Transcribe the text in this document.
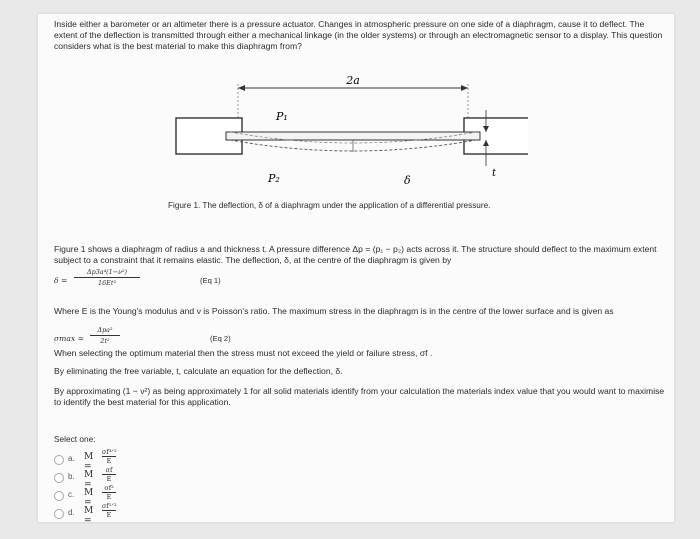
Inside either a barometer or an altimeter there is a pressure actuator. Changes in atmospheric pressure on one side of a diaphragm, cause it to deflect. The extent of the deflection is transmitted through either a mechanical linkage (in the older systems) or through an electromagnetic sensor to a display. This question considers what is the best material to make this diaphragm from?
2a
P₁
P₂	δ
t
Figure 1. The deflection, δ of a diaphragm under the application of a differential pressure.
Figure 1 shows a diaphragm of radius a and thickness t. A pressure difference Δp = (p₁ − p₂) acts across it. The structure should deflect to the maximum extent subject to a constraint that it remains elastic. The deflection, δ, at the centre of the diaphragm is given by
δ =
Δp3a⁴(1−ν²)
16Et³	(Eq 1)
Where E is the Young's modulus and ν is Poisson's ratio. The maximum stress in the diaphragm is in the centre of the lower surface and is given as
σmax =
Δpa²
2t²	(Eq 2)
When selecting the optimum material then the stress must not exceed the yield or failure stress, σf .
By eliminating the free variable, t, calculate an equation for the deflection, δ.
By approximating (1 − ν²) as being approximately 1 for all solid materials identify from your calculation the materials index value that you would want to maximise to identify the best material for this application.
Select one:
a. M =
σf³ᐟ²
E
b. M =
$\frac{\sigma f}{E}$
c. M =
$\frac{\text{σf²}}{E}$
d. M =
σf¹ᐟ²
E
